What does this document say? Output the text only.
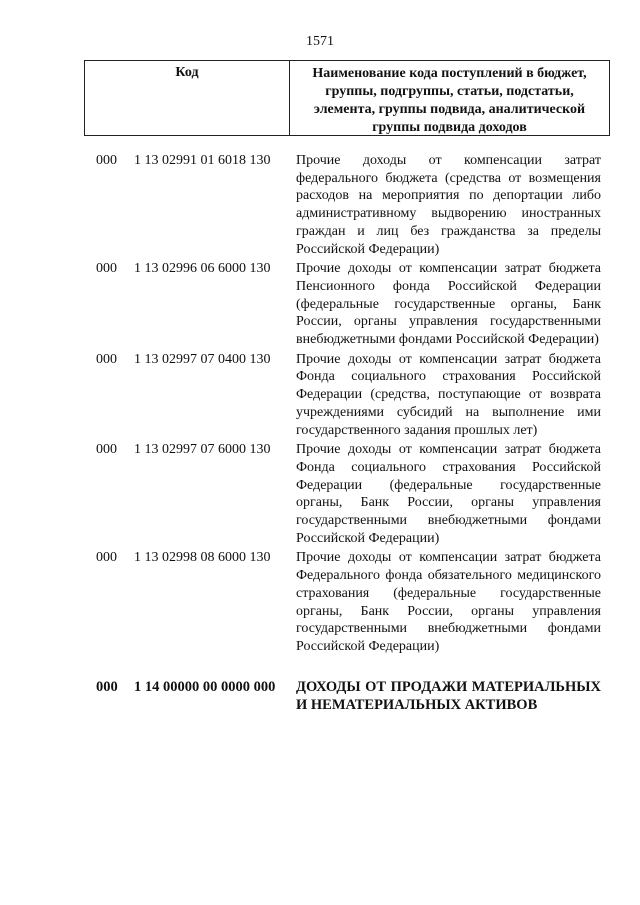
1571
Код	Наименование кода поступлений в бюджет, группы, подгруппы, статьи, подстатьи, элемента, группы подвида, аналитической группы подвида доходов
000	1 13 02991 01 6018 130	Прочие доходы от компенсации затрат федерального бюджета (средства от возмещения расходов на мероприятия по депортации либо административному выдворению иностранных граждан и лиц без гражданства за пределы Российской Федерации)
000	1 13 02996 06 6000 130	Прочие доходы от компенсации затрат бюджета Пенсионного фонда Российской Федерации (федеральные государственные органы, Банк России, органы управления государственными внебюджетными фондами Российской Федерации)
000	1 13 02997 07 0400 130	Прочие доходы от компенсации затрат бюджета Фонда социального страхования Российской Федерации (средства, поступающие от возврата учреждениями субсидий на выполнение ими государственного задания прошлых лет)
000	1 13 02997 07 6000 130	Прочие доходы от компенсации затрат бюджета Фонда социального страхования Российской Федерации (федеральные государственные органы, Банк России, органы управления государственными внебюджетными фондами Российской Федерации)
000	1 13 02998 08 6000 130	Прочие доходы от компенсации затрат бюджета Федерального фонда обязательного медицинского страхования (федеральные государственные органы, Банк России, органы управления государственными внебюджетными фондами Российской Федерации)
000	1 14 00000 00 0000 000	ДОХОДЫ ОТ ПРОДАЖИ МАТЕРИАЛЬНЫХ И НЕМАТЕРИАЛЬНЫХ АКТИВОВ
